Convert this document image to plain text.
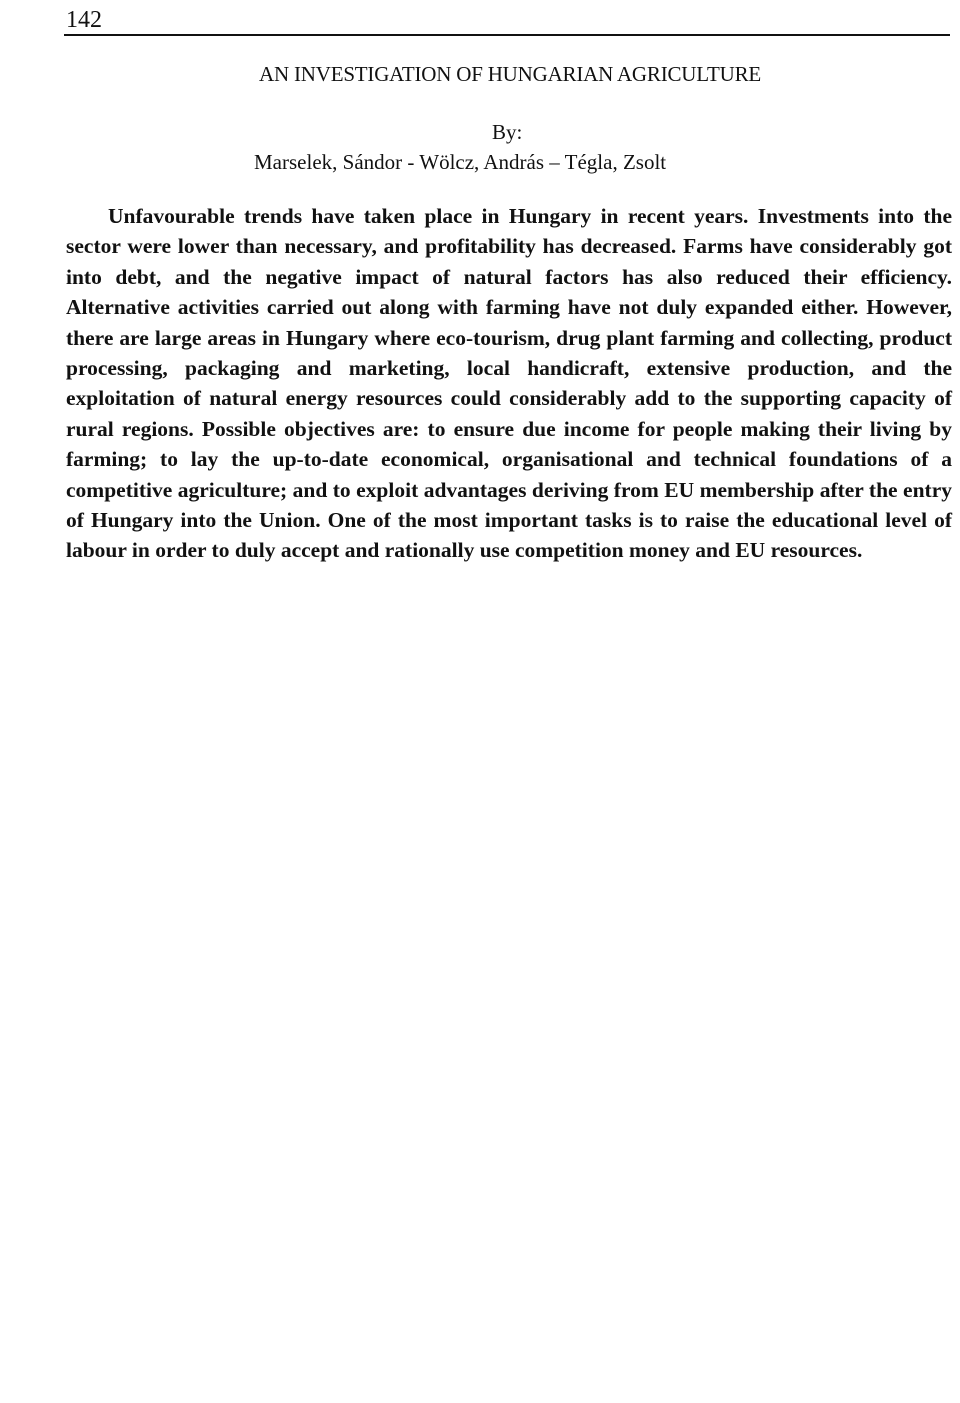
142
AN INVESTIGATION OF HUNGARIAN AGRICULTURE
By:
Marselek, Sándor - Wölcz, András – Tégla, Zsolt

Unfavourable trends have taken place in Hungary in recent years. Investments into the sector were lower than necessary, and profitability has decreased. Farms have considerably got into debt, and the negative impact of natural factors has also reduced their efficiency. Alternative activities carried out along with farming have not duly expanded either. However, there are large areas in Hungary where eco-tourism, drug plant farming and collecting, product processing, packaging and marketing, local handicraft, extensive production, and the exploitation of natural energy resources could considerably add to the supporting capacity of rural regions. Possible objectives are: to ensure due income for people making their living by farming; to lay the up-to-date economical, organisational and technical foundations of a competitive agriculture; and to exploit advantages deriving from EU membership after the entry of Hungary into the Union. One of the most important tasks is to raise the educational level of labour in order to duly accept and rationally use competition money and EU resources.
